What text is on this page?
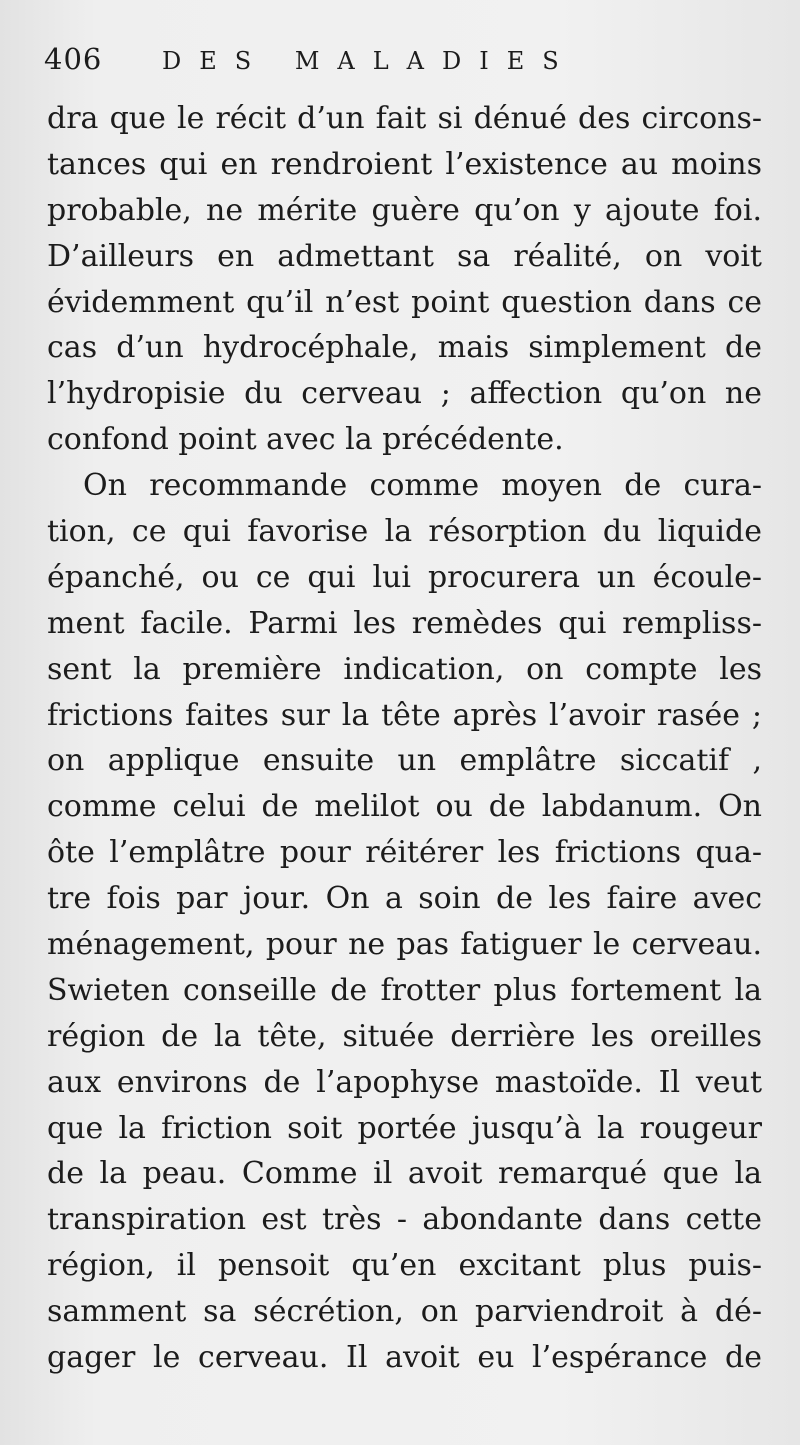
406	DES MALADIES
dra que le récit d’un fait si dénué des circons-
tances qui en rendroient l’existence au moins
probable, ne mérite guère qu’on y ajoute foi.
D’ailleurs en admettant sa réalité, on voit
évidemment qu’il n’est point question dans ce
cas d’un hydrocéphale, mais simplement de
l’hydropisie du cerveau ; affection qu’on ne
confond point avec la précédente.
On recommande comme moyen de cura-
tion, ce qui favorise la résorption du liquide
épanché, ou ce qui lui procurera un écoule-
ment facile. Parmi les remèdes qui rempliss-
sent la première indication, on compte les
frictions faites sur la tête après l’avoir rasée ;
on applique ensuite un emplâtre siccatif ,
comme celui de melilot ou de labdanum. On
ôte l’emplâtre pour réitérer les frictions qua-
tre fois par jour. On a soin de les faire avec
ménagement, pour ne pas fatiguer le cerveau.
Swieten conseille de frotter plus fortement la
région de la tête, située derrière les oreilles
aux environs de l’apophyse mastoïde. Il veut
que la friction soit portée jusqu’à la rougeur
de la peau. Comme il avoit remarqué que la
transpiration est très - abondante dans cette
région, il pensoit qu’en excitant plus puis-
samment sa sécrétion, on parviendroit à dé-
gager le cerveau. Il avoit eu l’espérance de
